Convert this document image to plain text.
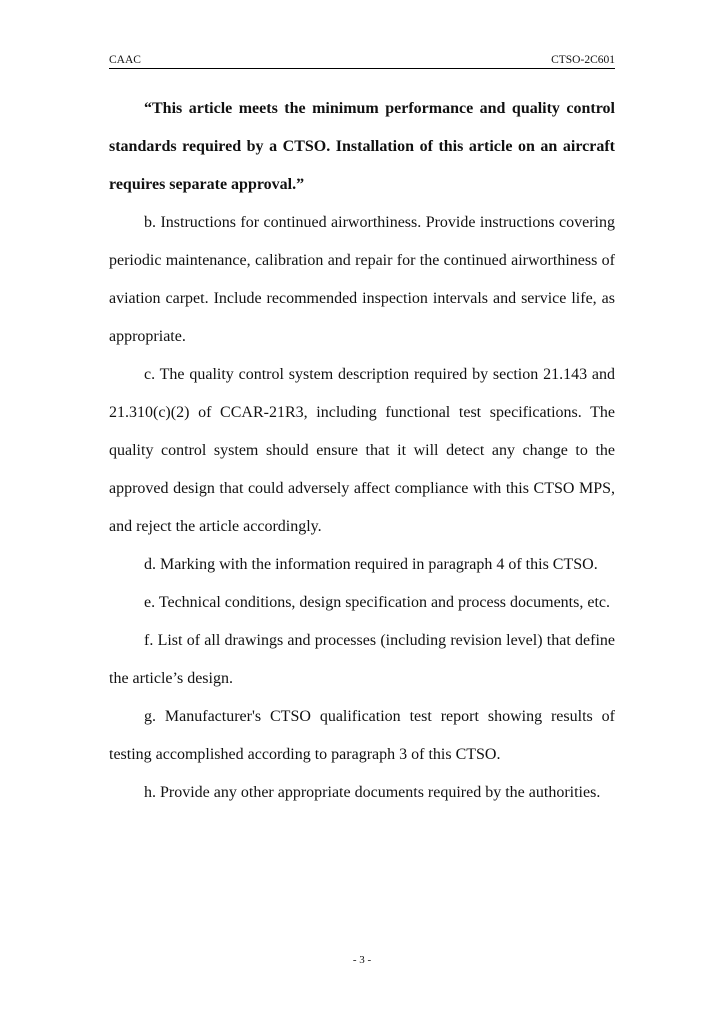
CAAC	CTSO-2C601

“This article meets the minimum performance and quality control standards required by a CTSO. Installation of this article on an aircraft requires separate approval.”

b. Instructions for continued airworthiness. Provide instructions covering periodic maintenance, calibration and repair for the continued airworthiness of aviation carpet. Include recommended inspection intervals and service life, as appropriate.

c. The quality control system description required by section 21.143 and 21.310(c)(2) of CCAR-21R3, including functional test specifications. The quality control system should ensure that it will detect any change to the approved design that could adversely affect compliance with this CTSO MPS, and reject the article accordingly.

d. Marking with the information required in paragraph 4 of this CTSO.

e. Technical conditions, design specification and process documents, etc.

f. List of all drawings and processes (including revision level) that define the article’s design.

g. Manufacturer's CTSO qualification test report showing results of testing accomplished according to paragraph 3 of this CTSO.

h. Provide any other appropriate documents required by the authorities.

- 3 -
